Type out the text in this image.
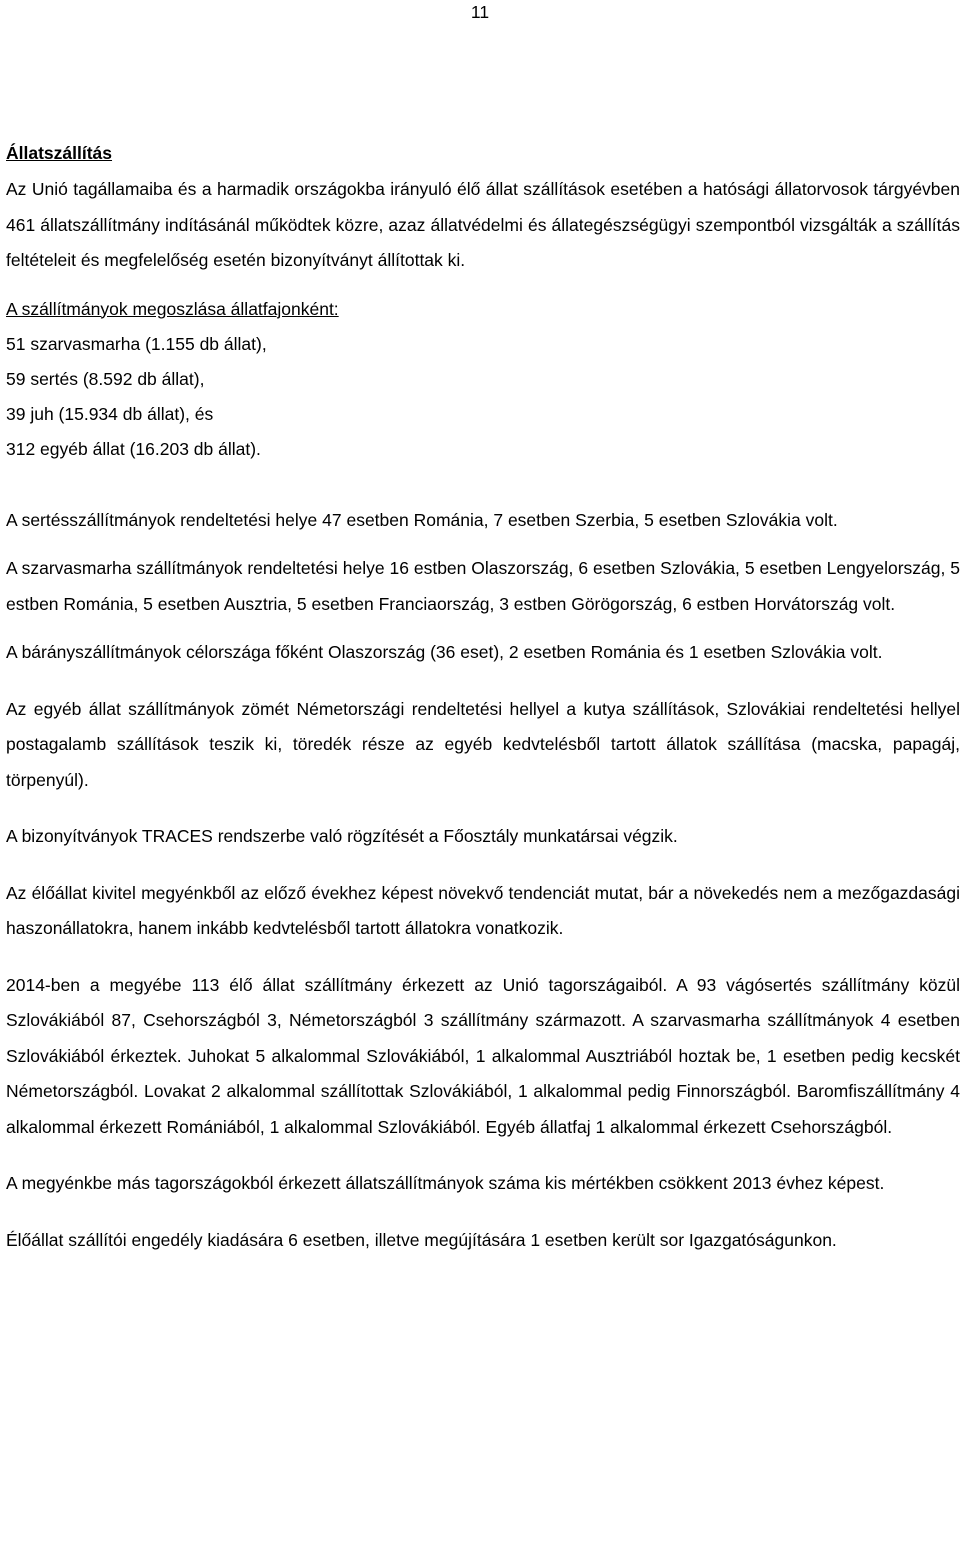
11

Állatszállítás

Az Unió tagállamaiba és a harmadik országokba irányuló élő állat szállítások esetében a hatósági állatorvosok tárgyévben 461 állatszállítmány indításánál működtek közre, azaz állatvédelmi és állategészségügyi szempontból vizsgálták a szállítás feltételeit és megfelelőség esetén bizonyítványt állítottak ki.

A szállítmányok megoszlása állatfajonként:

51 szarvasmarha (1.155 db állat),

59 sertés (8.592 db állat),

39 juh (15.934 db állat), és

312 egyéb állat (16.203 db állat).

A sertésszállítmányok rendeltetési helye 47 esetben Románia, 7 esetben Szerbia, 5 esetben Szlovákia volt.

A szarvasmarha szállítmányok rendeltetési helye 16 estben Olaszország, 6 esetben Szlovákia, 5 esetben Lengyelország, 5 estben Románia, 5 esetben Ausztria, 5 esetben Franciaország, 3 estben Görögország, 6 estben Horvátország volt.

A bárányszállítmányok célországa főként Olaszország (36 eset), 2 esetben Románia és 1 esetben Szlovákia volt.

Az egyéb állat szállítmányok zömét Németországi rendeltetési hellyel a kutya szállítások, Szlovákiai rendeltetési hellyel postagalamb szállítások teszik ki, töredék része az egyéb kedvtelésből tartott állatok szállítása (macska, papagáj, törpenyúl).

A bizonyítványok TRACES rendszerbe való rögzítését a Főosztály munkatársai végzik.

Az élőállat kivitel megyénkből az előző évekhez képest növekvő tendenciát mutat, bár a növekedés nem a mezőgazdasági haszonállatokra, hanem inkább kedvtelésből tartott állatokra vonatkozik.

2014-ben a megyébe 113 élő állat szállítmány érkezett az Unió tagországaiból. A 93 vágósertés szállítmány közül Szlovákiából 87, Csehországból 3, Németországból 3 szállítmány származott. A szarvasmarha szállítmányok 4 esetben Szlovákiából érkeztek. Juhokat 5 alkalommal Szlovákiából, 1 alkalommal Ausztriából hoztak be, 1 esetben pedig kecskét Németországból. Lovakat 2 alkalommal szállítottak Szlovákiából, 1 alkalommal pedig Finnországból. Baromfiszállítmány 4 alkalommal érkezett Romániából, 1 alkalommal Szlovákiából. Egyéb állatfaj 1 alkalommal érkezett Csehországból.

A megyénkbe más tagországokból érkezett állatszállítmányok száma kis mértékben csökkent 2013 évhez képest.

Élőállat szállítói engedély kiadására 6 esetben, illetve megújítására 1 esetben került sor Igazgatóságunkon.
